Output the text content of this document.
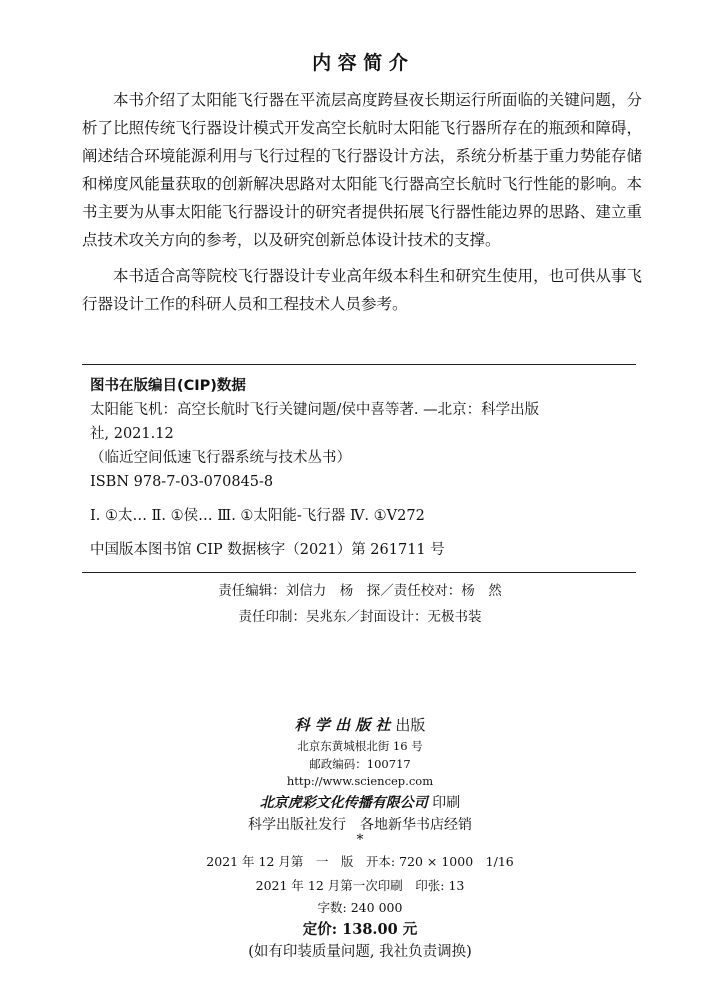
内 容 简 介

本书介绍了太阳能飞行器在平流层高度跨昼夜长期运行所面临的关键问题，分析了比照传统飞行器设计模式开发高空长航时太阳能飞行器所存在的瓶颈和障碍，阐述结合环境能源利用与飞行过程的飞行器设计方法，系统分析基于重力势能存储和梯度风能量获取的创新解决思路对太阳能飞行器高空长航时飞行性能的影响。本书主要为从事太阳能飞行器设计的研究者提供拓展飞行器性能边界的思路、建立重点技术攻关方向的参考，以及研究创新总体设计技术的支撑。

本书适合高等院校飞行器设计专业高年级本科生和研究生使用，也可供从事飞行器设计工作的科研人员和工程技术人员参考。

图书在版编目(CIP)数据
太阳能飞机：高空长航时飞行关键问题/侯中喜等著. —北京：科学出版
社, 2021.12
（临近空间低速飞行器系统与技术丛书）
ISBN 978-7-03-070845-8
Ⅰ. ①太… Ⅱ. ①侯… Ⅲ. ①太阳能-飞行器 Ⅳ. ①V272
中国版本图书馆 CIP 数据核字（2021）第 261711 号
责任编辑：刘信力　杨　探／责任校对：杨　然
责任印制：吴兆东／封面设计：无极书装
科 学 出 版 社 出版
北京东黄城根北街 16 号
邮政编码：100717
http://www.sciencep.com
北京虎彩文化传播有限公司 印刷
科学出版社发行　各地新华书店经销
*
2021 年 12 月第　一　版　开本: 720 × 1000　1/16
2021 年 12 月第一次印刷　印张: 13
字数: 240 000
定价: 138.00 元
(如有印装质量问题, 我社负责调换)
